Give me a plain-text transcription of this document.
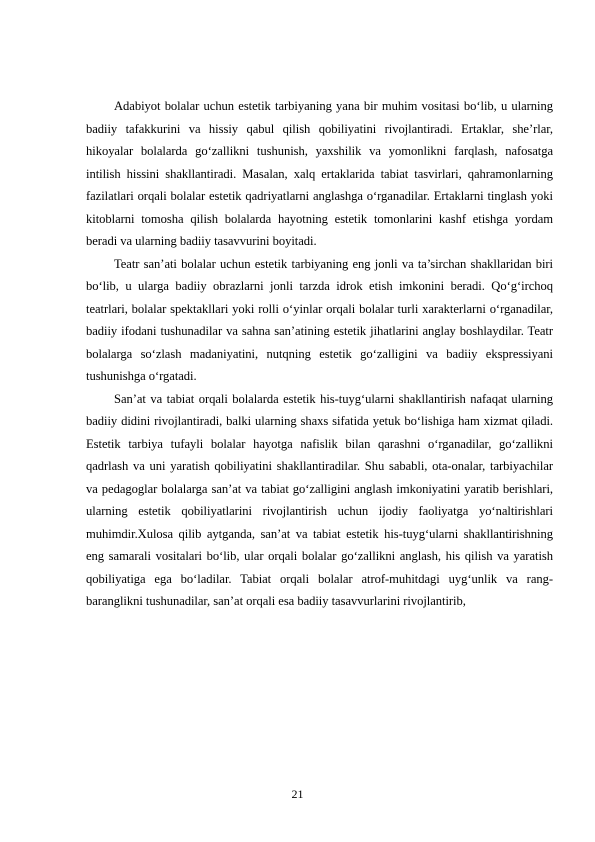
Adabiyot bolalar uchun estetik tarbiyaning yana bir muhim vositasi bo‘lib, u ularning badiiy tafakkurini va hissiy qabul qilish qobiliyatini rivojlantiradi. Ertaklar, she’rlar, hikoyalar bolalarda go‘zallikni tushunish, yaxshilik va yomonlikni farqlash, nafosatga intilish hissini shakllantiradi. Masalan, xalq ertaklarida tabiat tasvirlari, qahramonlarning fazilatlari orqali bolalar estetik qadriyatlarni anglashga o‘rganadilar. Ertaklarni tinglash yoki kitoblarni tomosha qilish bolalarda hayotning estetik tomonlarini kashf etishga yordam beradi va ularning badiiy tasavvurini boyitadi.

Teatr san’ati bolalar uchun estetik tarbiyaning eng jonli va ta’sirchan shakllaridan biri bo‘lib, u ularga badiiy obrazlarni jonli tarzda idrok etish imkonini beradi. Qo‘g‘irchoq teatrlari, bolalar spektakllari yoki rolli o‘yinlar orqali bolalar turli xarakterlarni o‘rganadilar, badiiy ifodani tushunadilar va sahna san’atining estetik jihatlarini anglay boshlaydilar. Teatr bolalarga so‘zlash madaniyatini, nutqning estetik go‘zalligini va badiiy ekspressiyani tushunishga o‘rgatadi.

San’at va tabiat orqali bolalarda estetik his-tuyg‘ularni shakllantirish nafaqat ularning badiiy didini rivojlantiradi, balki ularning shaxs sifatida yetuk bo‘lishiga ham xizmat qiladi. Estetik tarbiya tufayli bolalar hayotga nafislik bilan qarashni o‘rganadilar, go‘zallikni qadrlash va uni yaratish qobiliyatini shakllantiradilar. Shu sababli, ota-onalar, tarbiyachilar va pedagoglar bolalarga san’at va tabiat go‘zalligini anglash imkoniyatini yaratib berishlari, ularning estetik qobiliyatlarini rivojlantirish uchun ijodiy faoliyatga yo‘naltirishlari muhimdir.Xulosa qilib aytganda, san’at va tabiat estetik his-tuyg‘ularni shakllantirishning eng samarali vositalari bo‘lib, ular orqali bolalar go‘zallikni anglash, his qilish va yaratish qobiliyatiga ega bo‘ladilar. Tabiat orqali bolalar atrof-muhitdagi uyg‘unlik va rang-baranglikni tushunadilar, san’at orqali esa badiiy tasavvurlarini rivojlantirib,

21
